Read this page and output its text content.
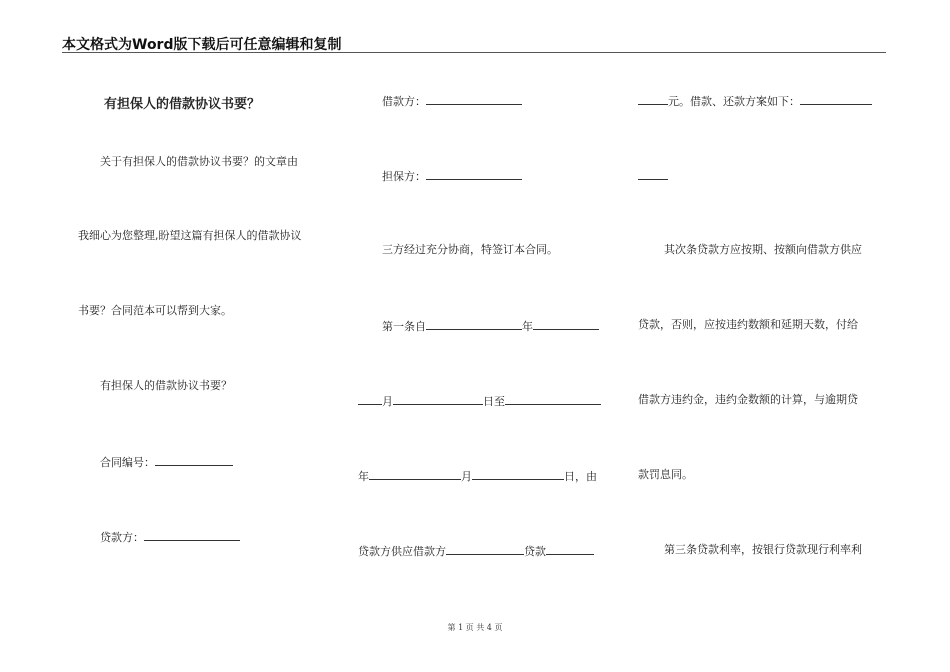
本文格式为Word版下载后可任意编辑和复制
有担保人的借款协议书要？
关于有担保人的借款协议书要？的文章由
我细心为您整理,盼望这篇有担保人的借款协议
书要？合同范本可以帮到大家。
有担保人的借款协议书要？
合同编号：
贷款方：
借款方：
担保方：
三方经过充分协商，特签订本合同。
第一条自	年
月	日至
年	月	日，由
贷款方供应借款方	贷款
元。借款、还款方案如下：
其次条贷款方应按期、按额向借款方供应
贷款，否则，应按违约数额和延期天数，付给
借款方违约金，违约金数额的计算，与逾期贷
款罚息同。
第三条贷款利率，按银行贷款现行利率利
第 1 页 共 4 页
